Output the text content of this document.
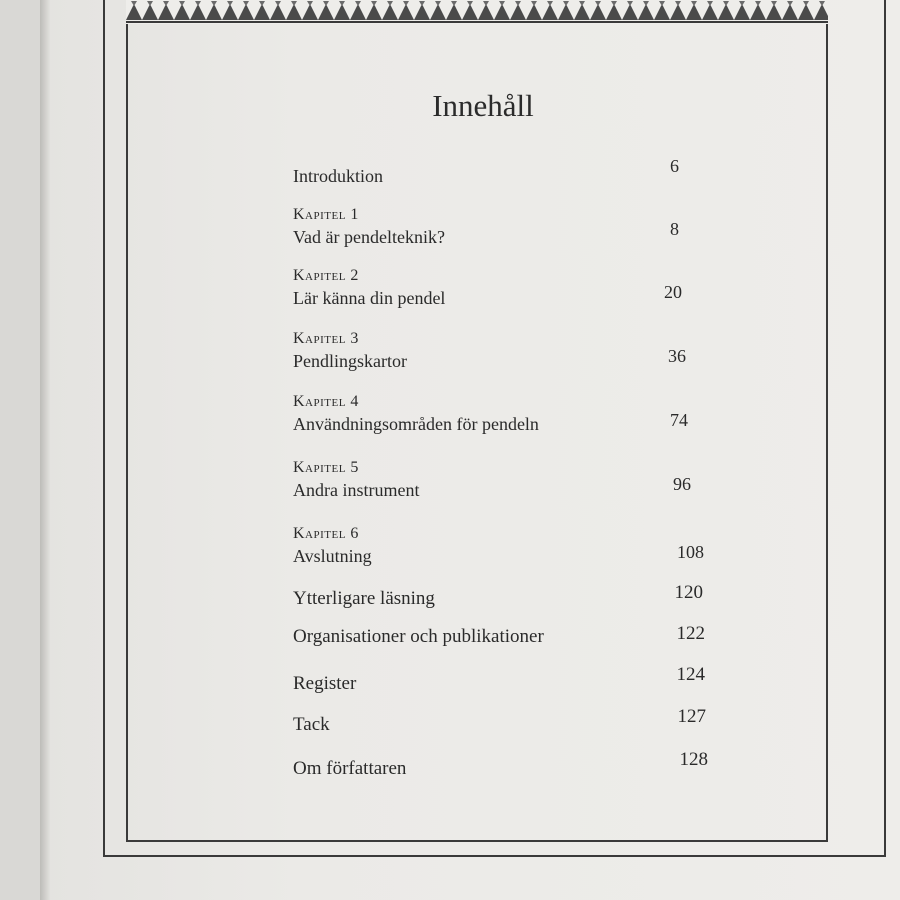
Innehåll
Introduktion	6
Kapitel 1
Vad är pendelteknik?	8
Kapitel 2
Lär känna din pendel	20
Kapitel 3
Pendlingskartor	36
Kapitel 4
Användningsområden för pendeln	74
Kapitel 5
Andra instrument	96
Kapitel 6
Avslutning	108
Ytterligare läsning	120
Organisationer och publikationer	122
Register	124
Tack	127
Om författaren	128
